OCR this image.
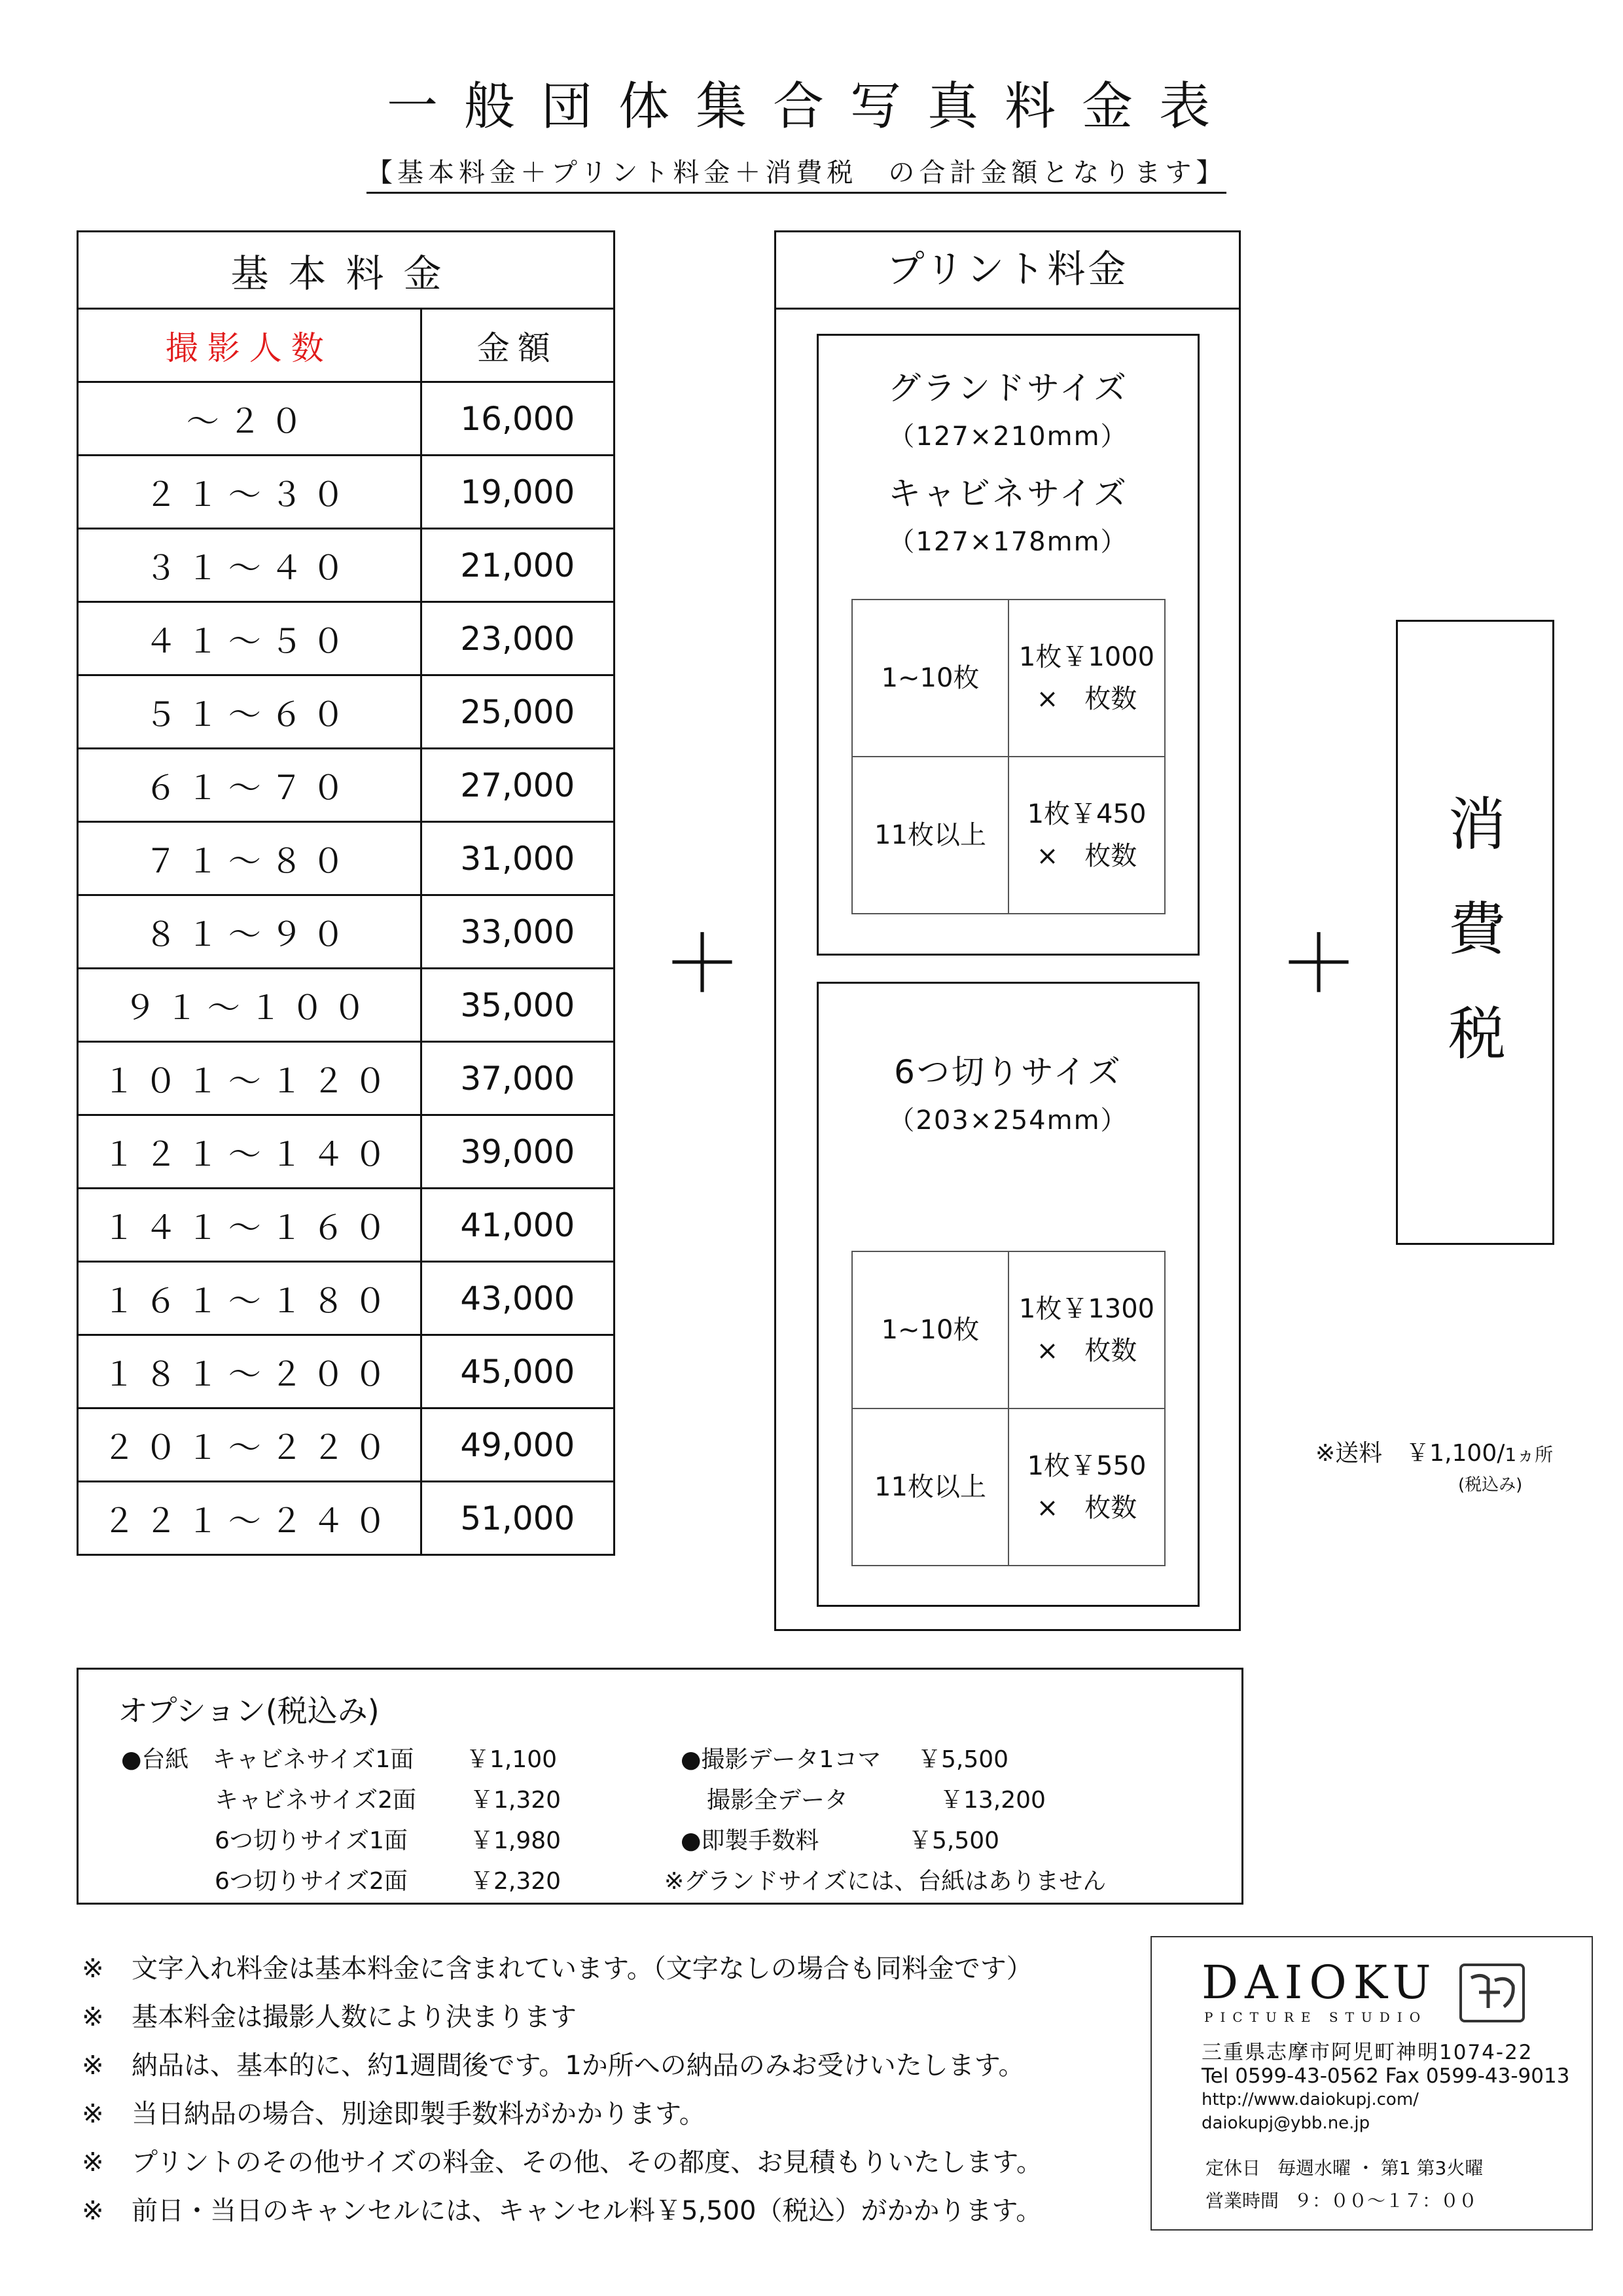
一般団体集合写真料金表
【基本料金＋プリント料金＋消費税　の合計金額となります】
基本料金	
撮影人数	金額
～２０	16,000
２１～３０	19,000
３１～４０	21,000
４１～５０	23,000
５１～６０	25,000
６１～７０	27,000
７１～８０	31,000
８１～９０	33,000
９１～１００	35,000
１０１～１２０	37,000
１２１～１４０	39,000
１４１～１６０	41,000
１６１～１８０	43,000
１８１～２００	45,000
２０１～２２０	49,000
２２１～２４０	51,000
＋	＋
プリント料金
グランドサイズ
（127×210mm）
キャビネサイズ
（127×178mm）
1~10枚	1枚￥1000
×　枚数

11枚以上	1枚￥450
×　枚数
6つ切りサイズ
（203×254mm）
1~10枚	1枚￥1300
×　枚数

11枚以上	1枚￥550
×　枚数
消
費
税
※送料　￥1,100/1ヵ所
(税込み)
オプション(税込み)
●台紙　キャビネサイズ1面 ￥1,100
キャビネサイズ2面 ￥1,320
6つ切りサイズ1面	￥1,980
6つ切りサイズ2面	￥2,320
●撮影データ1コマ ￥5,500
撮影全データ	￥13,200
●即製手数料	￥5,500
※グランドサイズには、台紙はありません
※ 文字入れ料金は基本料金に含まれています。（文字なしの場合も同料金です）
※ 基本料金は撮影人数により決まります
※ 納品は、基本的に、約1週間後です。1か所への納品のみお受けいたします。
※ 当日納品の場合、別途即製手数料がかかります。
※ プリントのその他サイズの料金、その他、その都度、お見積もりいたします。
※ 前日・当日のキャンセルには、キャンセル料￥5,500（税込）がかかります。
DAIOKU
PICTURE STUDIO
三重県志摩市阿児町神明1074-22
Tel 0599-43-0562 Fax 0599-43-9013
http://www.daiokupj.com/
daiokupj@ybb.ne.jp
定休日 毎週水曜 ・ 第1 第3火曜
営業時間 ９：００～１７：００
